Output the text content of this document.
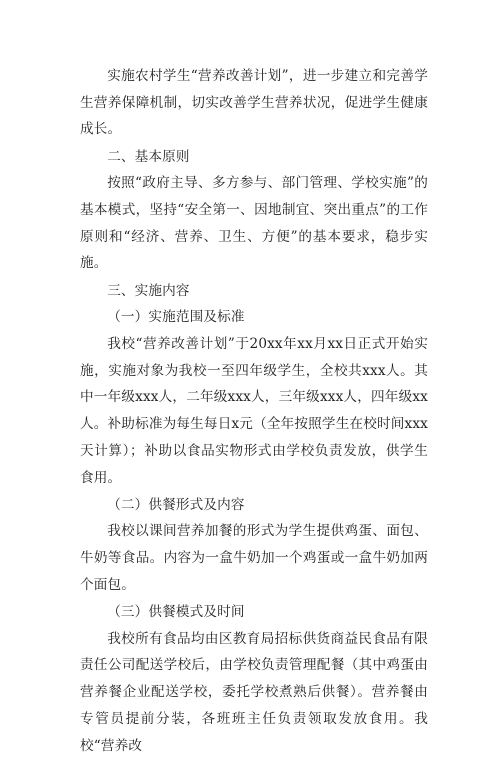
实施农村学生“营养改善计划”，进一步建立和完善学生营养保障机制，切实改善学生营养状况，促进学生健康成长。

二、基本原则

按照“政府主导、多方参与、部门管理、学校实施”的基本模式，坚持“安全第一、因地制宜、突出重点”的工作原则和“经济、营养、卫生、方便”的基本要求，稳步实施。

三、实施内容

（一）实施范围及标准

我校“营养改善计划”于20xx年xx月xx日正式开始实施，实施对象为我校一至四年级学生，全校共xxx人。其中一年级xxx人，二年级xxx人，三年级xxx人，四年级xx人。补助标准为每生每日x元（全年按照学生在校时间xxx天计算）；补助以食品实物形式由学校负责发放，供学生食用。

（二）供餐形式及内容

我校以课间营养加餐的形式为学生提供鸡蛋、面包、牛奶等食品。内容为一盒牛奶加一个鸡蛋或一盒牛奶加两个面包。

（三）供餐模式及时间

我校所有食品均由区教育局招标供货商益民食品有限责任公司配送学校后，由学校负责管理配餐（其中鸡蛋由营养餐企业配送学校，委托学校煮熟后供餐）。营养餐由专管员提前分装，各班班主任负责领取发放食用。我校“营养改
